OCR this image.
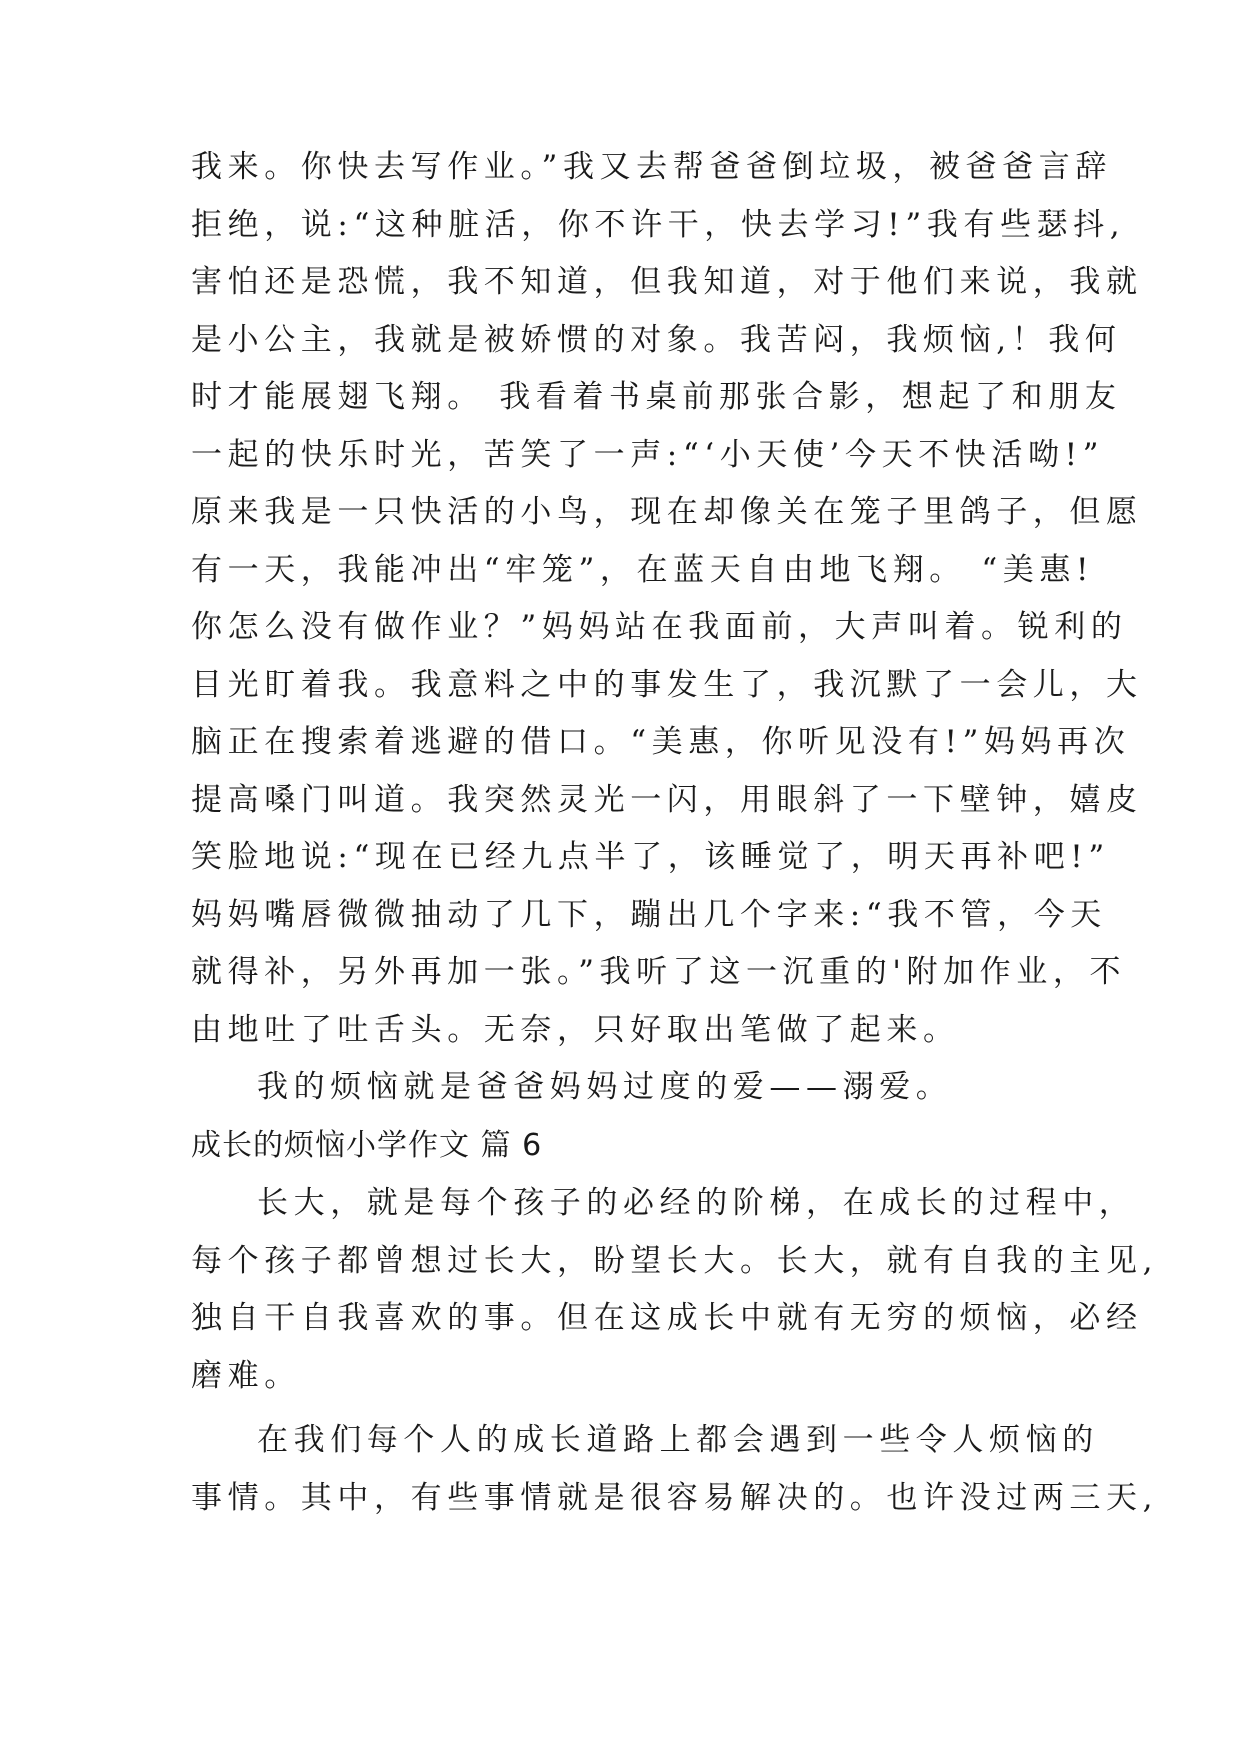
我来。你快去写作业。”我又去帮爸爸倒垃圾，被爸爸言辞
拒绝，说:“这种脏活，你不许干，快去学习!”我有些瑟抖,
害怕还是恐慌，我不知道，但我知道，对于他们来说，我就
是小公主，我就是被娇惯的对象。我苦闷，我烦恼,！我何
时才能展翅飞翔。 我看着书桌前那张合影，想起了和朋友
一起的快乐时光，苦笑了一声:“‘小天使’今天不快活呦!”
原来我是一只快活的小鸟，现在却像关在笼子里鸽子，但愿
有一天，我能冲出“牢笼”，在蓝天自由地飞翔。 “美惠!
你怎么没有做作业？”妈妈站在我面前，大声叫着。锐利的
目光盯着我。我意料之中的事发生了，我沉默了一会儿，大
脑正在搜索着逃避的借口。“美惠，你听见没有!”妈妈再次
提高嗓门叫道。我突然灵光一闪，用眼斜了一下壁钟，嬉皮
笑脸地说:“现在已经九点半了，该睡觉了，明天再补吧!”
妈妈嘴唇微微抽动了几下，蹦出几个字来:“我不管，今天
就得补，另外再加一张。”我听了这一沉重的'附加作业，不
由地吐了吐舌头。无奈，只好取出笔做了起来。
我的烦恼就是爸爸妈妈过度的爱——溺爱。
成长的烦恼小学作文 篇 6
长大，就是每个孩子的必经的阶梯，在成长的过程中，
每个孩子都曾想过长大，盼望长大。长大，就有自我的主见,
独自干自我喜欢的事。但在这成长中就有无穷的烦恼，必经
磨难。
在我们每个人的成长道路上都会遇到一些令人烦恼的
事情。其中，有些事情就是很容易解决的。也许没过两三天,
